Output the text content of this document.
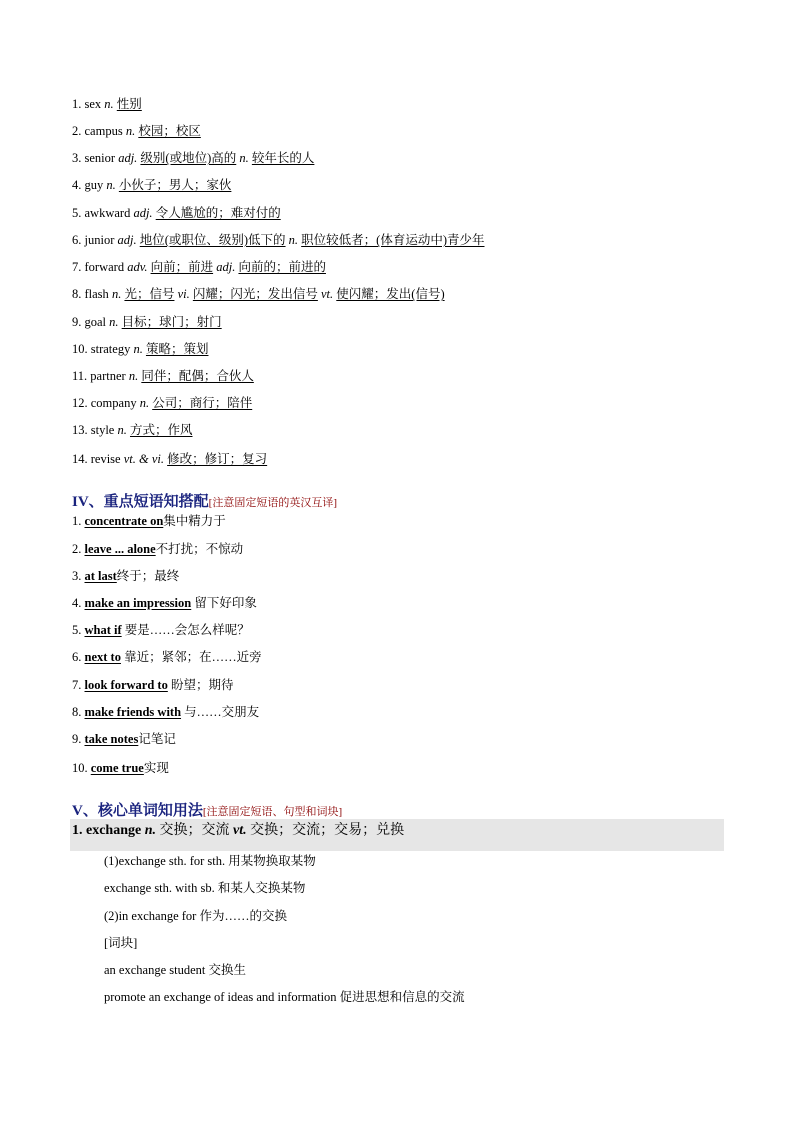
1. sex n. 性别
2. campus n. 校园；校区
3. senior adj. 级别(或地位)高的 n. 较年长的人
4. guy n. 小伙子；男人；家伙
5. awkward adj. 令人尴尬的；难对付的
6. junior adj. 地位(或职位、级别)低下的 n. 职位较低者；(体育运动中)青少年
7. forward adv. 向前；前进 adj. 向前的；前进的
8. flash n. 光；信号 vi. 闪耀；闪光；发出信号 vt. 使闪耀；发出(信号)
9. goal n. 目标；球门；射门
10. strategy n. 策略；策划
11. partner n. 同伴；配偶；合伙人
12. company n. 公司；商行；陪伴
13. style n. 方式；作风
14. revise vt. & vi. 修改；修订；复习
IV、重点短语知搭配[注意固定短语的英汉互译]
1. concentrate on集中精力于
2. leave ... alone不打扰；不惊动
3. at last终于；最终
4. make an impression 留下好印象
5. what if 要是……会怎么样呢？
6. next to 靠近；紧邻；在……近旁
7. look forward to 盼望；期待
8. make friends with 与……交朋友
9. take notes记笔记
10. come true实现
V、核心单词知用法[注意固定短语、句型和词块]
1. exchange n. 交换；交流 vt. 交换；交流；交易；兑换
(1)exchange sth. for sth. 用某物换取某物
exchange sth. with sb. 和某人交换某物
(2)in exchange for 作为……的交换
[词块]
an exchange student 交换生
promote an exchange of ideas and information 促进思想和信息的交流
